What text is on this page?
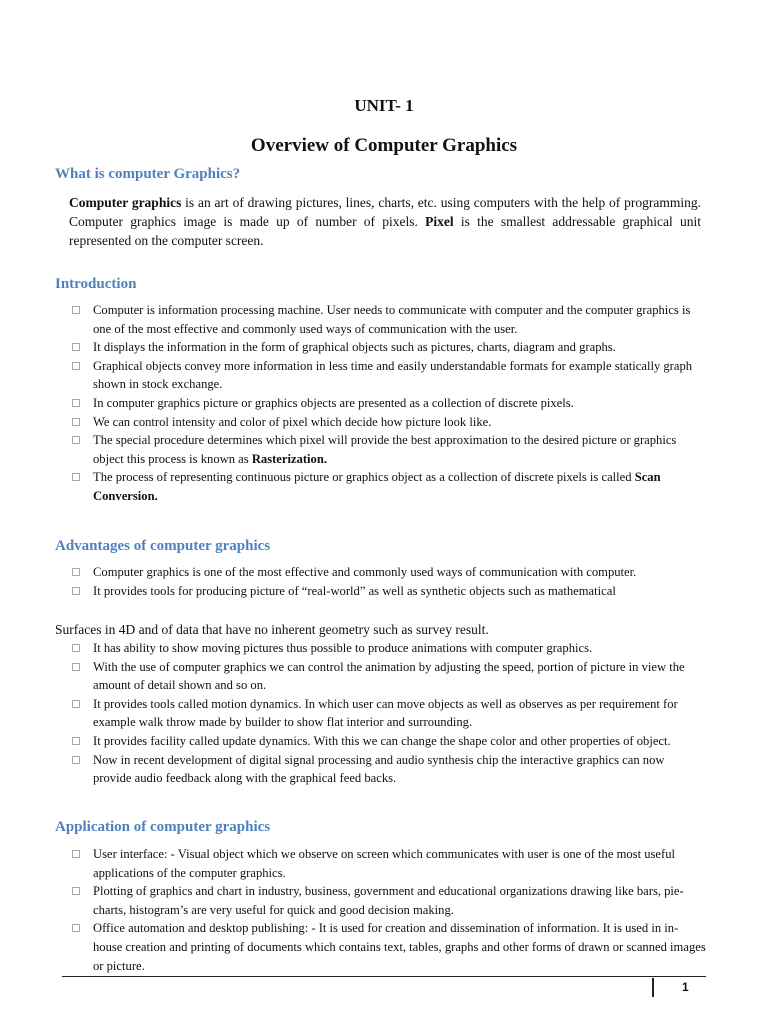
UNIT- 1
Overview of Computer Graphics
What is computer Graphics?
Computer graphics is an art of drawing pictures, lines, charts, etc. using computers with the help of programming. Computer graphics image is made up of number of pixels. Pixel is the smallest addressable graphical unit represented on the computer screen.
Introduction
Computer is information processing machine. User needs to communicate with computer and the computer graphics is one of the most effective and commonly used ways of communication with the user.
It displays the information in the form of graphical objects such as pictures, charts, diagram and graphs.
Graphical objects convey more information in less time and easily understandable formats for example statically graph shown in stock exchange.
In computer graphics picture or graphics objects are presented as a collection of discrete pixels.
We can control intensity and color of pixel which decide how picture look like.
The special procedure determines which pixel will provide the best approximation to the desired picture or graphics object this process is known as Rasterization.
The process of representing continuous picture or graphics object as a collection of discrete pixels is called Scan Conversion.
Advantages of computer graphics
Computer graphics is one of the most effective and commonly used ways of communication with computer.
It provides tools for producing picture of “real-world” as well as synthetic objects such as mathematical
Surfaces in 4D and of data that have no inherent geometry such as survey result.
It has ability to show moving pictures thus possible to produce animations with computer graphics.
With the use of computer graphics we can control the animation by adjusting the speed, portion of picture in view the amount of detail shown and so on.
It provides tools called motion dynamics. In which user can move objects as well as observes as per requirement for example walk throw made by builder to show flat interior and surrounding.
It provides facility called update dynamics. With this we can change the shape color and other properties of object.
Now in recent development of digital signal processing and audio synthesis chip the interactive graphics can now provide audio feedback along with the graphical feed backs.
Application of computer graphics
User interface: - Visual object which we observe on screen which communicates with user is one of the most useful applications of the computer graphics.
Plotting of graphics and chart in industry, business, government and educational organizations drawing like bars, pie-charts, histogram’s are very useful for quick and good decision making.
Office automation and desktop publishing: - It is used for creation and dissemination of information. It is used in in-house creation and printing of documents which contains text, tables, graphs and other forms of drawn or scanned images or picture.
1
